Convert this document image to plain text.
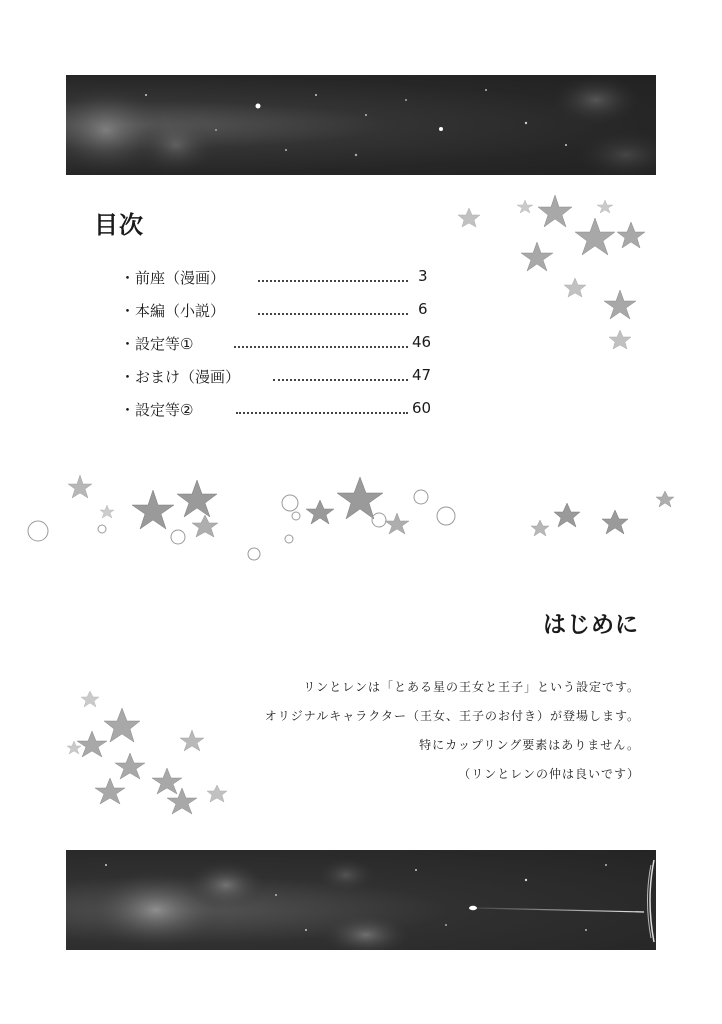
目次
・前座（漫画）	3
・本編（小説）	6
・設定等①	46
・おまけ（漫画）	47
・設定等②	60
はじめに
リンとレンは「とある星の王女と王子」という設定です。
オリジナルキャラクター（王女、王子のお付き）が登場します。
特にカップリング要素はありません。
（リンとレンの仲は良いです）
